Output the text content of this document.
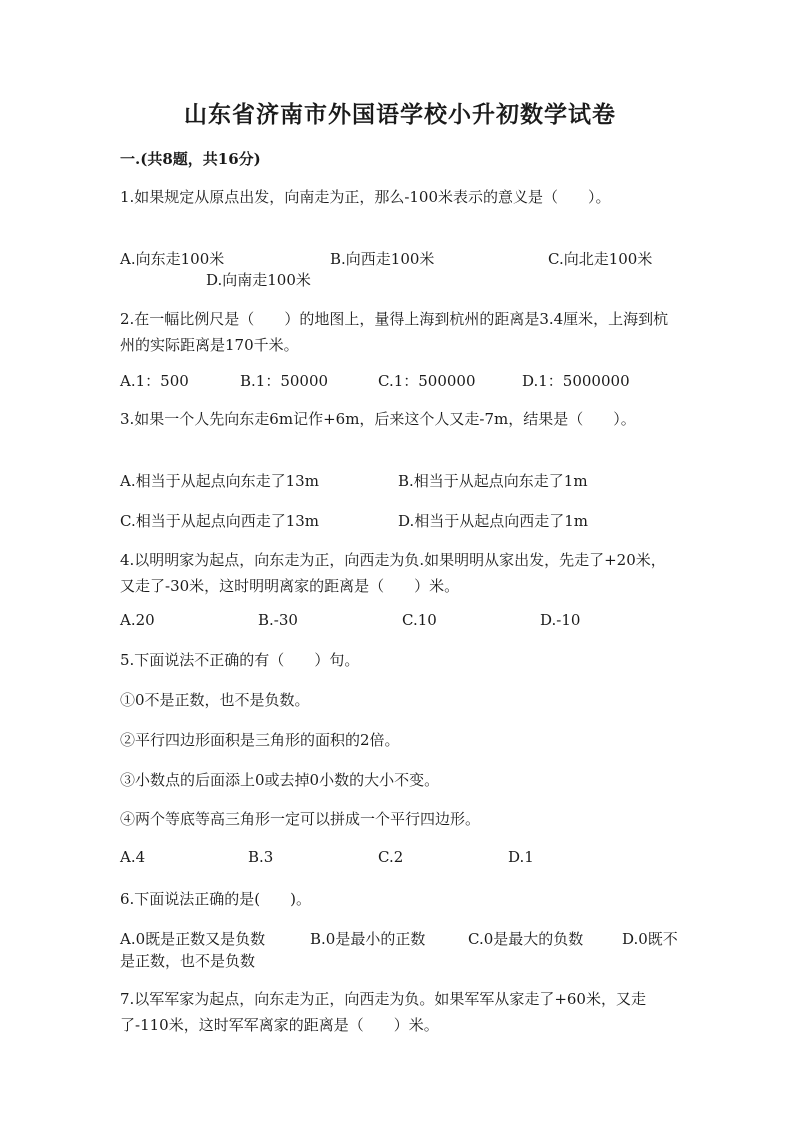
山东省济南市外国语学校小升初数学试卷
一.(共8题，共16分)
1.如果规定从原点出发，向南走为正，那么-100米表示的意义是（　　）。
A.向东走100米	B.向西走100米	C.向北走100米
D.向南走100米
2.在一幅比例尺是（　　）的地图上，量得上海到杭州的距离是3.4厘米，上海到杭州的实际距离是170千米。
A.1：500	B.1：50000	C.1：500000	D.1：5000000
3.如果一个人先向东走6m记作+6m，后来这个人又走-7m，结果是（　　）。
A.相当于从起点向东走了13m	B.相当于从起点向东走了1m
C.相当于从起点向西走了13m	D.相当于从起点向西走了1m
4.以明明家为起点，向东走为正，向西走为负.如果明明从家出发，先走了+20米，又走了-30米，这时明明离家的距离是（　　）米。
A.20	B.-30	C.10	D.-10
5.下面说法不正确的有（　　）句。
①0不是正数，也不是负数。
②平行四边形面积是三角形的面积的2倍。
③小数点的后面添上0或去掉0小数的大小不变。
④两个等底等高三角形一定可以拼成一个平行四边形。
A.4	B.3	C.2	D.1
6.下面说法正确的是(　　)。
A.0既是正数又是负数	B.0是最小的正数	C.0是最大的负数	D.0既不是正数，也不是负数
7.以军军家为起点，向东走为正，向西走为负。如果军军从家走了+60米，又走了-110米，这时军军离家的距离是（　　）米。
